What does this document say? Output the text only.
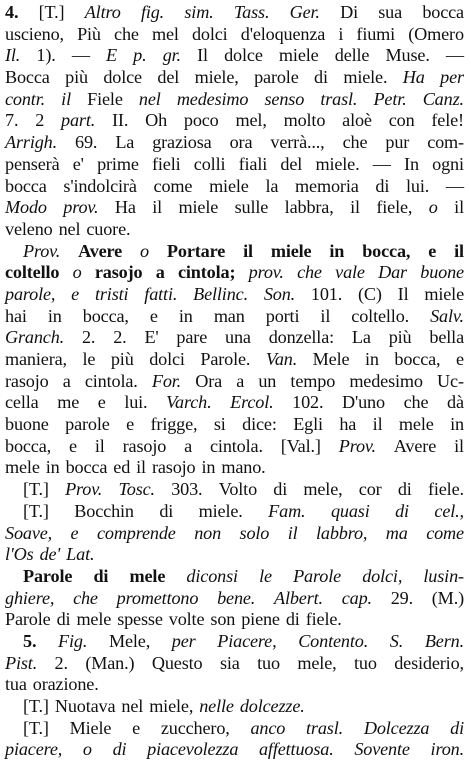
4. [T.] Altro fig. sim. Tass. Ger. Di sua bocca
uscieno, Più che mel dolci d'eloquenza i fiumi (Omero
Il. 1). — E p. gr. Il dolce miele delle Muse. —
Bocca più dolce del miele, parole di miele. Ha per
contr. il Fiele nel medesimo senso trasl. Petr. Canz.
7. 2 part. II. Oh poco mel, molto aloè con fele!
Arrigh. 69. La graziosa ora verrà..., che pur com-
penserà e' prime fieli colli fiali del miele. — In ogni
bocca s'indolcirà come miele la memoria di lui. —
Modo prov. Ha il miele sulle labbra, il fiele, o il
veleno nel cuore.
Prov. Avere o Portare il miele in bocca, e il
coltello o rasojo a cintola; prov. che vale Dar buone
parole, e tristi fatti. Bellinc. Son. 101. (C) Il miele
hai in bocca, e in man porti il coltello. Salv.
Granch. 2. 2. E' pare una donzella: La più bella
maniera, le più dolci Parole. Van. Mele in bocca, e
rasojo a cintola. For. Ora a un tempo medesimo Uc-
cella me e lui. Varch. Ercol. 102. D'uno che dà
buone parole e frigge, si dice: Egli ha il mele in
bocca, e il rasojo a cintola. [Val.] Prov. Avere il
mele in bocca ed il rasojo in mano.
[T.] Prov. Tosc. 303. Volto di mele, cor di fiele.
[T.] Bocchin di miele. Fam. quasi di cel.,
Soave, e comprende non solo il labbro, ma come
l'Os de' Lat.
Parole di mele diconsi le Parole dolci, lusin-
ghiere, che promettono bene. Albert. cap. 29. (M.)
Parole di mele spesse volte son piene di fiele.
5. Fig. Mele, per Piacere, Contento. S. Bern.
Pist. 2. (Man.) Questo sia tuo mele, tuo desiderio,
tua orazione.
[T.] Nuotava nel miele, nelle dolcezze.
[T.] Miele e zucchero, anco trasl. Dolcezza di
piacere, o di piacevolezza affettuosa. Sovente iron.
